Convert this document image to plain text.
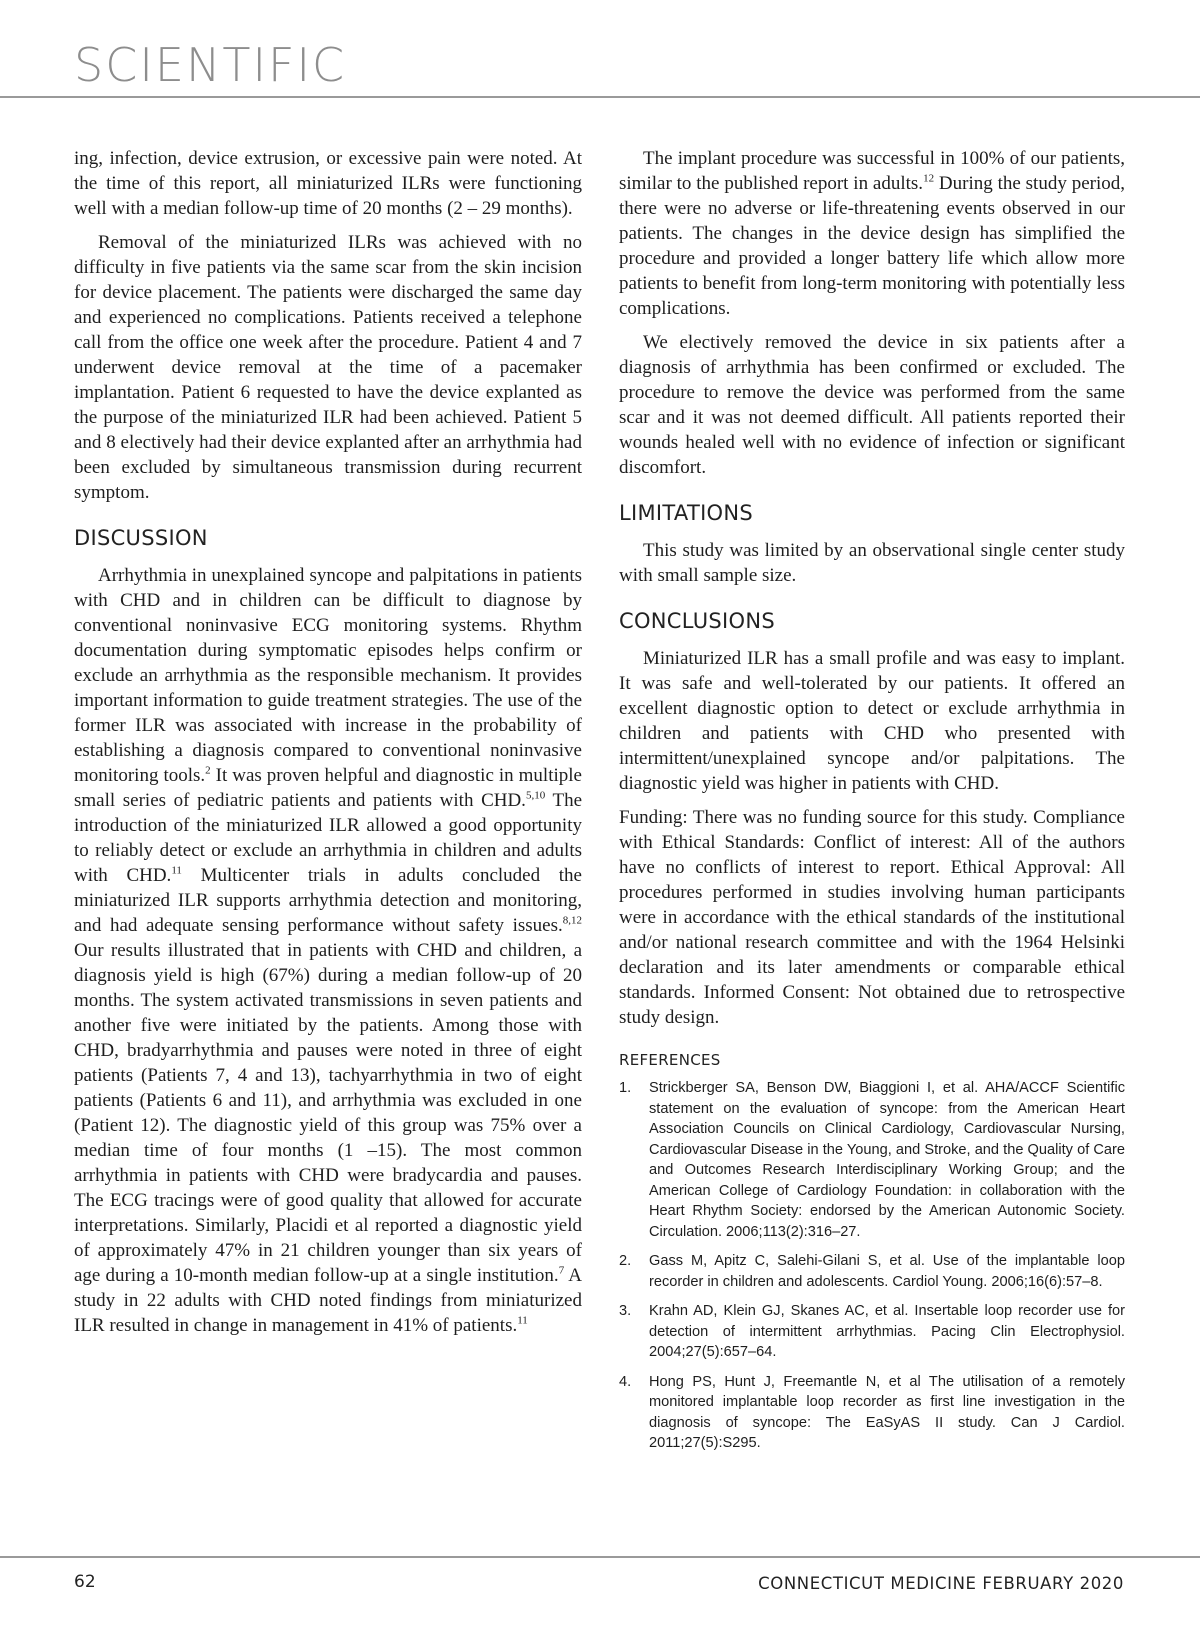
SCIENTIFIC

ing, infection, device extrusion, or excessive pain were noted. At the time of this report, all miniaturized ILRs were functioning well with a median follow-up time of 20 months (2 – 29 months).

Removal of the miniaturized ILRs was achieved with no difficulty in five patients via the same scar from the skin incision for device placement. The patients were discharged the same day and experienced no complications. Patients received a telephone call from the office one week after the procedure. Patient 4 and 7 underwent device removal at the time of a pacemaker implantation. Patient 6 requested to have the device explanted as the purpose of the miniaturized ILR had been achieved. Patient 5 and 8 electively had their device explanted after an arrhythmia had been excluded by simultaneous transmission during recurrent symptom.

DISCUSSION

Arrhythmia in unexplained syncope and palpitations in patients with CHD and in children can be difficult to diagnose by conventional noninvasive ECG monitoring systems. Rhythm documentation during symptomatic episodes helps confirm or exclude an arrhythmia as the responsible mechanism. It provides important information to guide treatment strategies. The use of the former ILR was associated with increase in the probability of establishing a diagnosis compared to conventional noninvasive monitoring tools.$^2$ It was proven helpful and diagnostic in multiple small series of pediatric patients and patients with CHD.$^{5,10}$ The introduction of the miniaturized ILR allowed a good opportunity to reliably detect or exclude an arrhythmia in children and adults with CHD.$^{11}$ Multicenter trials in adults concluded the miniaturized ILR supports arrhythmia detection and monitoring, and had adequate sensing performance without safety issues.$^{8,12}$ Our results illustrated that in patients with CHD and children, a diagnosis yield is high (67%) during a median follow-up of 20 months. The system activated transmissions in seven patients and another five were initiated by the patients. Among those with CHD, bradyarrhythmia and pauses were noted in three of eight patients (Patients 7, 4 and 13), tachyarrhythmia in two of eight patients (Patients 6 and 11), and arrhythmia was excluded in one (Patient 12). The diagnostic yield of this group was 75% over a median time of four months (1 –15). The most common arrhythmia in patients with CHD were bradycardia and pauses. The ECG tracings were of good quality that allowed for accurate interpretations. Similarly, Placidi et al reported a diagnostic yield of approximately 47% in 21 children younger than six years of age during a 10-month median follow-up at a single institution.$^7$ A study in 22 adults with CHD noted findings from miniaturized ILR resulted in change in management in 41% of patients.$^{11}$

The implant procedure was successful in 100% of our patients, similar to the published report in adults.$^{12}$ During the study period, there were no adverse or life-threatening events observed in our patients. The changes in the device design has simplified the procedure and provided a longer battery life which allow more patients to benefit from long-term monitoring with potentially less complications.

We electively removed the device in six patients after a diagnosis of arrhythmia has been confirmed or excluded. The procedure to remove the device was performed from the same scar and it was not deemed difficult. All patients reported their wounds healed well with no evidence of infection or significant discomfort.

LIMITATIONS

This study was limited by an observational single center study with small sample size.

CONCLUSIONS

Miniaturized ILR has a small profile and was easy to implant. It was safe and well-tolerated by our patients. It offered an excellent diagnostic option to detect or exclude arrhythmia in children and patients with CHD who presented with intermittent/unexplained syncope and/or palpitations. The diagnostic yield was higher in patients with CHD.

Funding: There was no funding source for this study. Compliance with Ethical Standards: Conflict of interest: All of the authors have no conflicts of interest to report. Ethical Approval: All procedures performed in studies involving human participants were in accordance with the ethical standards of the institutional and/or national research committee and with the 1964 Helsinki declaration and its later amendments or comparable ethical standards. Informed Consent: Not obtained due to retrospective study design.

REFERENCES
1.	Strickberger SA, Benson DW, Biaggioni I, et al. AHA/ACCF Scientific statement on the evaluation of syncope: from the American Heart Association Councils on Clinical Cardiology, Cardiovascular Nursing, Cardiovascular Disease in the Young, and Stroke, and the Quality of Care and Outcomes Research Interdisciplinary Working Group; and the American College of Cardiology Foundation: in collaboration with the Heart Rhythm Society: endorsed by the American Autonomic Society. Circulation. 2006;113(2):316–27.
2.	Gass M, Apitz C, Salehi-Gilani S, et al. Use of the implantable loop recorder in children and adolescents. Cardiol Young. 2006;16(6):57–8.
3.	Krahn AD, Klein GJ, Skanes AC, et al. Insertable loop recorder use for detection of intermittent arrhythmias. Pacing Clin Electrophysiol. 2004;27(5):657–64.
4.	Hong PS, Hunt J, Freemantle N, et al The utilisation of a remotely monitored implantable loop recorder as first line investigation in the diagnosis of syncope: The EaSyAS II study. Can J Cardiol. 2011;27(5):S295.
62	CONNECTICUT MEDICINE FEBRUARY 2020
